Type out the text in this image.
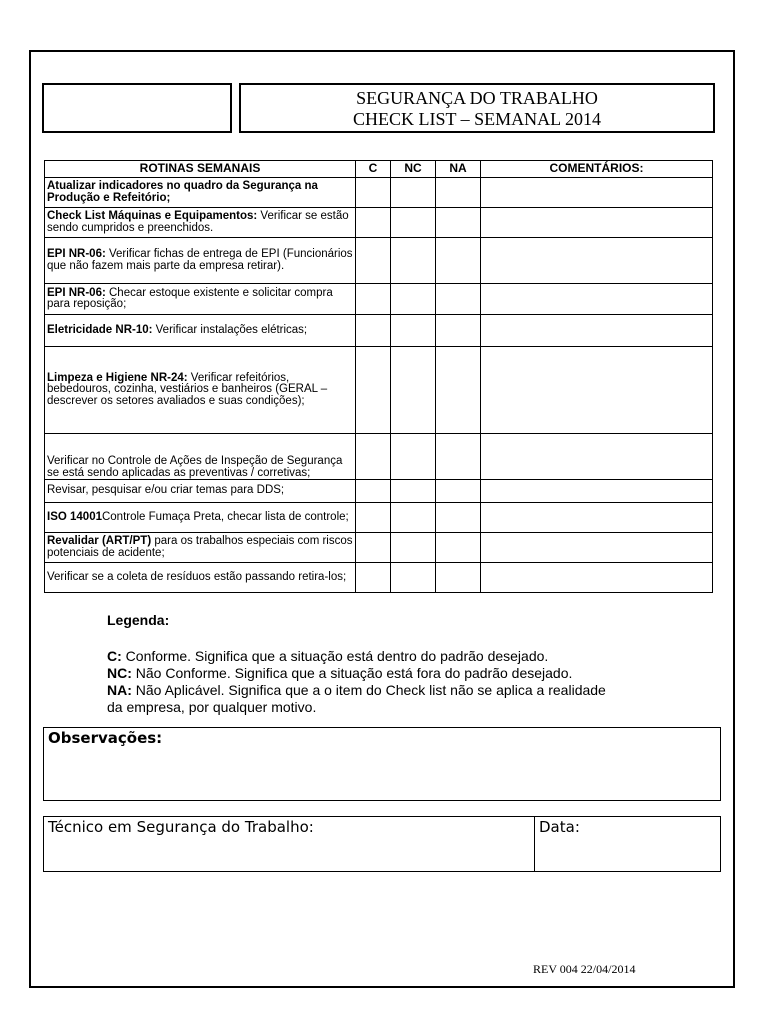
SEGURANÇA DO TRABALHO
CHECK LIST – SEMANAL 2014
ROTINAS SEMANAIS	C	NC	NA	COMENTÁRIOS:
Atualizar indicadores no quadro da Segurança na Produção e Refeitório;				
Check List Máquinas e Equipamentos: Verificar se estão sendo cumpridos e preenchidos.				
EPI NR-06: Verificar fichas de entrega de EPI (Funcionários que não fazem mais parte da empresa retirar).				
EPI NR-06: Checar estoque existente e solicitar compra para reposição;				
Eletricidade NR-10: Verificar instalações elétricas;				
Limpeza e Higiene NR-24: Verificar refeitórios, bebedouros, cozinha, vestiários e banheiros (GERAL – descrever os setores avaliados e suas condições);				
Verificar no Controle de Ações de Inspeção de Segurança se está sendo aplicadas as preventivas / corretivas;				
Revisar, pesquisar e/ou criar temas para DDS;				
ISO 14001Controle Fumaça Preta, checar lista de controle;				
Revalidar (ART/PT) para os trabalhos especiais com riscos potenciais de acidente;				
Verificar se a coleta de resíduos estão passando retira-los;				
Legenda:

C: Conforme. Significa que a situação está dentro do padrão desejado.

NC: Não Conforme. Significa que a situação está fora do padrão desejado.

NA: Não Aplicável. Significa que a o item do Check list não se aplica a realidade

da empresa, por qualquer motivo.

Observações:
Técnico em Segurança do Trabalho:	Data:
REV 004 22/04/2014
